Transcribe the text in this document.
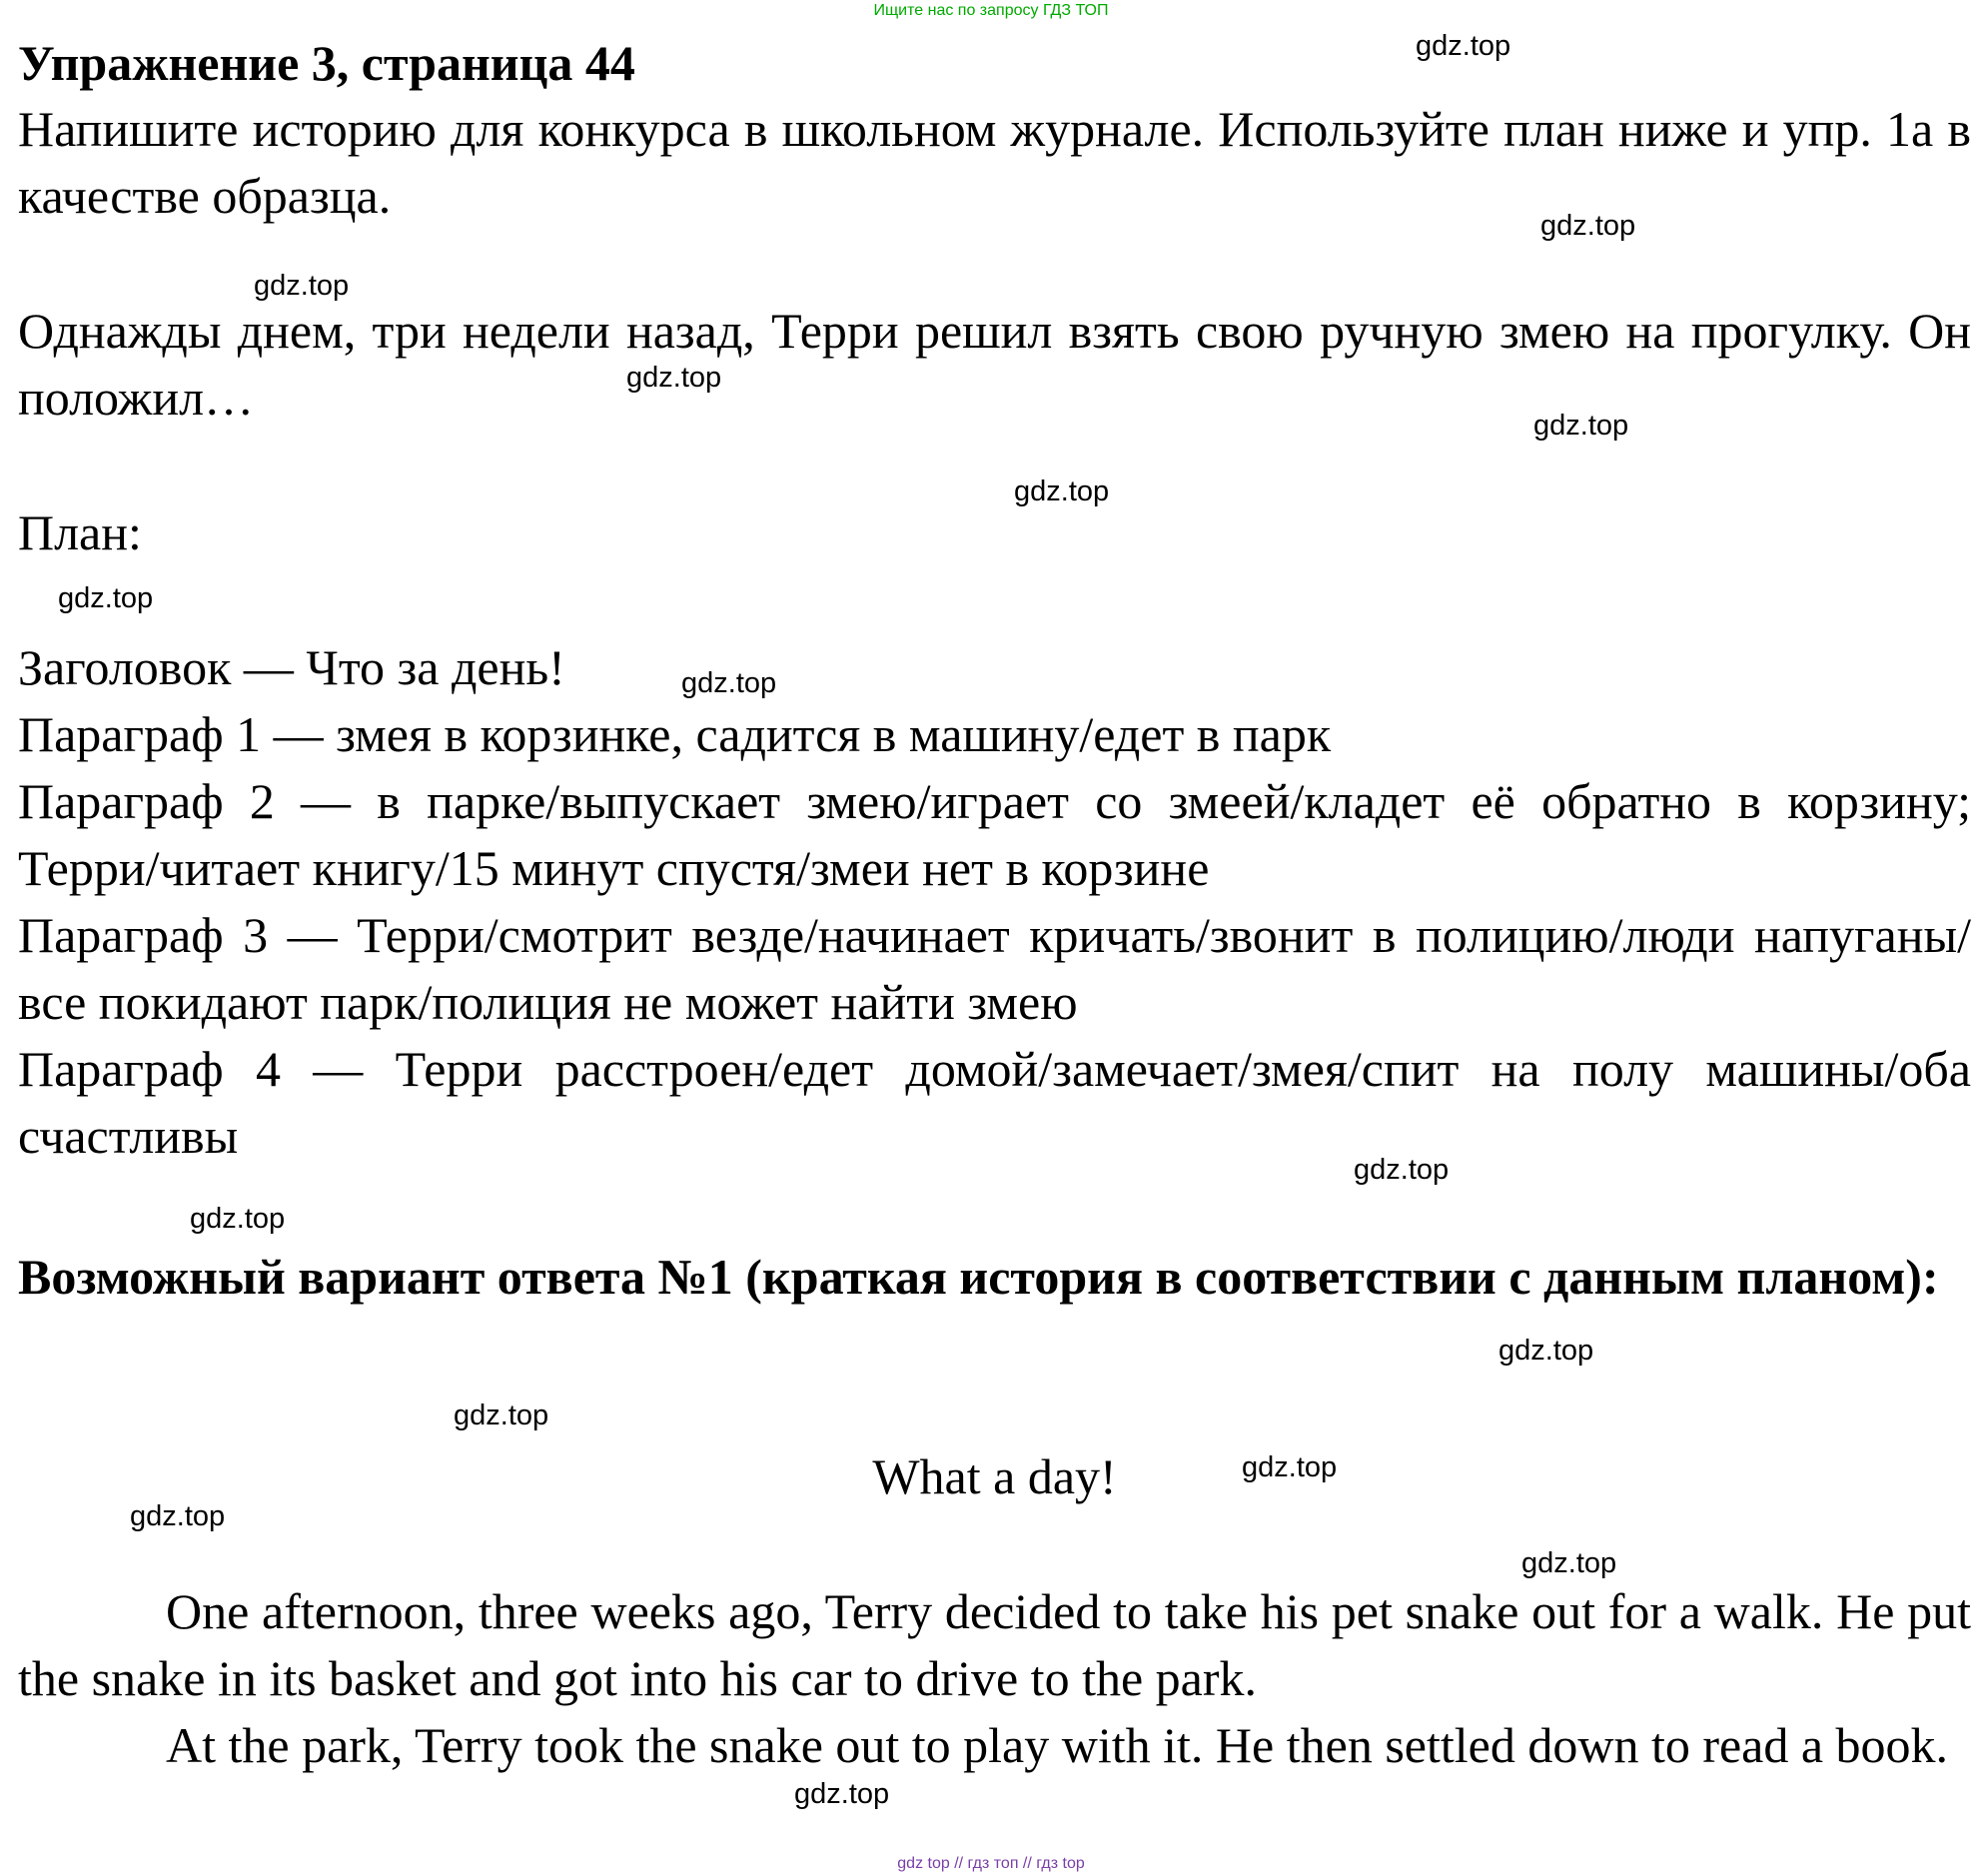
Ищите нас по запросу ГДЗ ТОП
Упражнение 3, страница 44

Напишите историю для конкурса в школьном журнале. Используйте план ниже и упр. 1a в качестве образца.

Однажды днем, три недели назад, Терри решил взять свою ручную змею на прогулку. Он положил…

План:

Заголовок — Что за день!
Параграф 1 — змея в корзинке, садится в машину/едет в парк
Параграф 2 — в парке/выпускает змею/играет со змеей/кладет её обратно в корзину; Терри/читает книгу/15 минут спустя/змеи нет в корзине
Параграф 3 — Терри/смотрит везде/начинает кричать/звонит в полицию/люди напуганы/все покидают парк/полиция не может найти змею
Параграф 4 — Терри расстроен/едет домой/замечает/змея/спит на полу машины/оба счастливы

Возможный вариант ответа №1 (краткая история в соответствии с данным планом):

What a day!

One afternoon, three weeks ago, Terry decided to take his pet snake out for a walk. He put the snake in its basket and got into his car to drive to the park.
At the park, Terry took the snake out to play with it. He then settled down to read a book.
gdz.top
gdz.top
gdz.top
gdz.top
gdz.top
gdz.top
gdz.top
gdz.top
gdz.top
gdz.top
gdz.top
gdz.top
gdz.top
gdz.top
gdz.top
gdz.top
gdz top // гдз топ // гдз top
